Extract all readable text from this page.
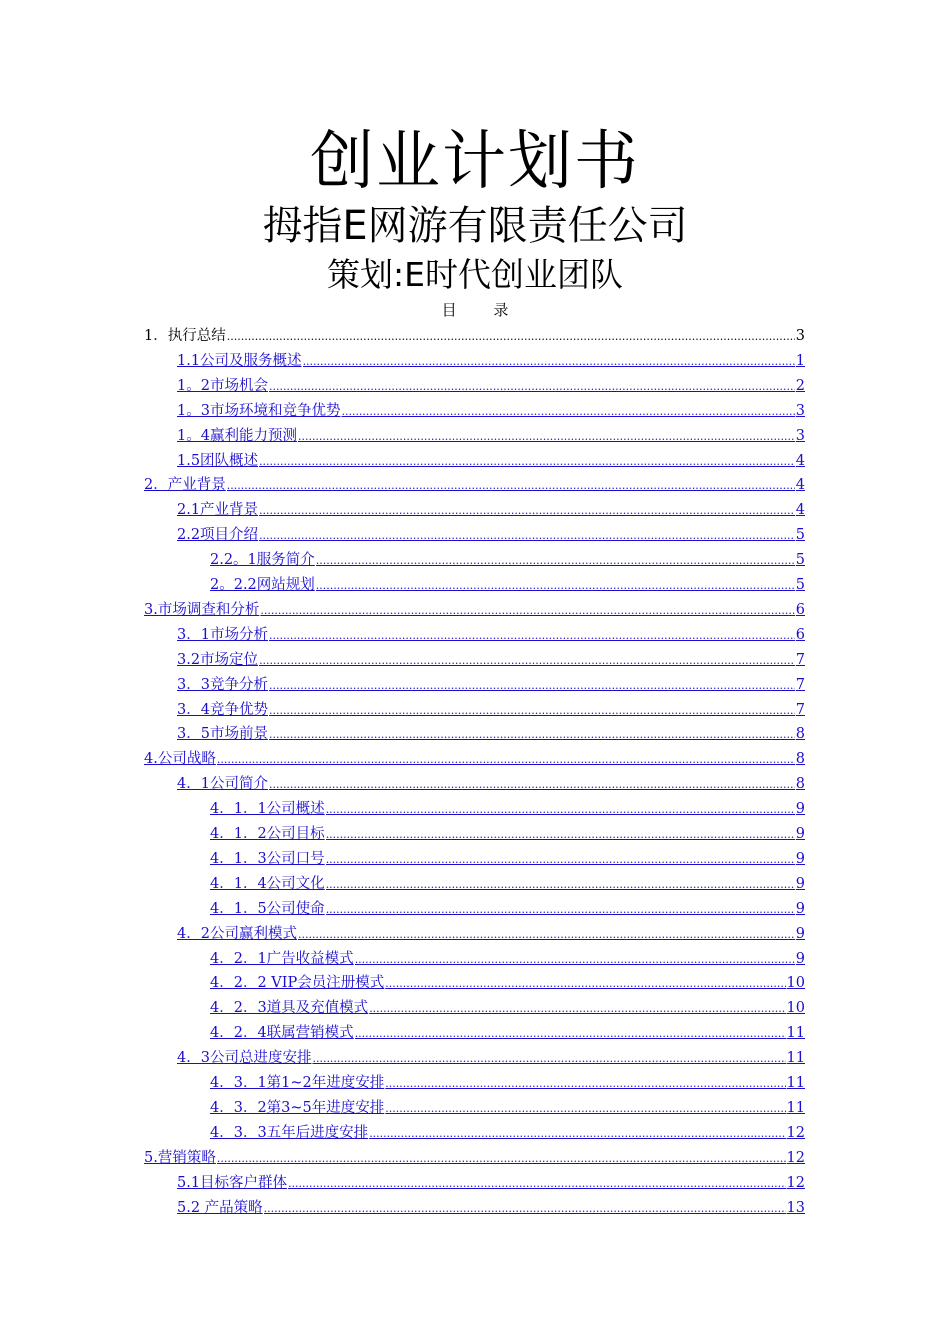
创业计划书
拇指E网游有限责任公司
策划:E时代创业团队
目 录
1．执行总结 .....	3
1.1公司及服务概述 .....	1
1。2市场机会 .....	2
1。3市场环境和竞争优势 .....	3
1。4赢利能力预测 .....	3
1.5团队概述 .....	4
2．产业背景 .....	4
2.1产业背景 .....	4
2.2项目介绍 .....	5
2.2。1服务简介 .....	5
2。2.2网站规划 .....	5
3.市场调查和分析 .....	6
3．1市场分析 .....	6
3.2市场定位 .....	7
3．3竞争分析 .....	7
3．4竞争优势 .....	7
3．5市场前景 .....	8
4.公司战略 .....	8
4．1公司简介 .....	8
4．1．1公司概述 .....	9
4．1．2公司目标 .....	9
4．1．3公司口号 .....	9
4．1．4公司文化 .....	9
4．1．5公司使命 .....	9
4．2公司赢利模式 .....	9
4．2．1广告收益模式 .....	9
4．2．2 VIP会员注册模式 .....	10
4．2．3道具及充值模式 .....	10
4．2．4联属营销模式 .....	11
4．3公司总进度安排 .....	11
4．3．1第1~2年进度安排 .....	11
4．3．2第3~5年进度安排 .....	11
4．3．3五年后进度安排 .....	12
5.营销策略 .....	12
5.1目标客户群体 .....	12
5.2 产品策略 .....	13
